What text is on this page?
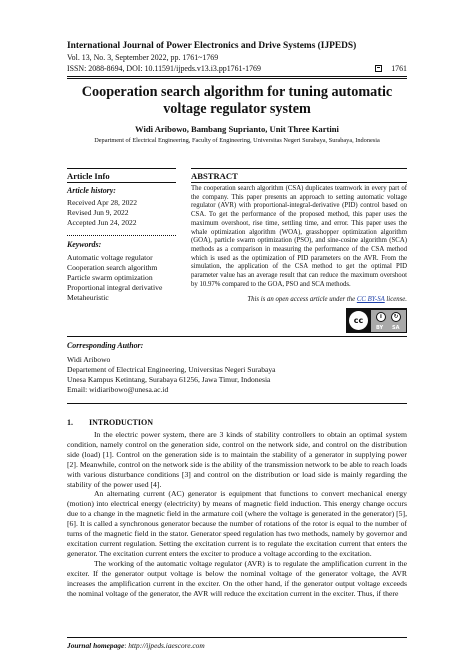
International Journal of Power Electronics and Drive Systems (IJPEDS)
Vol. 13, No. 3, September 2022, pp. 1761~1769
ISSN: 2088-8694, DOI: 10.11591/ijpeds.v13.i3.pp1761-1769	1761
Cooperation search algorithm for tuning automatic voltage regulator system
Widi Aribowo, Bambang Suprianto, Unit Three Kartini
Department of Electrical Engineering, Faculty of Engineering, Universitas Negeri Surabaya, Surabaya, Indonesia
Article Info
Article history:
Received Apr 28, 2022
Revised Jun 9, 2022
Accepted Jun 24, 2022
Keywords:
Automatic voltage regulator
Cooperation search algorithm
Particle swarm optimization
Proportional integral derivative
Metaheuristic
ABSTRACT
The cooperation search algorithm (CSA) duplicates teamwork in every part of the company. This paper presents an approach to setting automatic voltage regulator (AVR) with proportional-integral-derivative (PID) control based on CSA. To get the performance of the proposed method, this paper uses the maximum overshoot, rise time, settling time, and error. This paper uses the whale optimization algorithm (WOA), grasshopper optimization algorithm (GOA), particle swarm optimization (PSO), and sine-cosine algorithm (SCA) methods as a comparison in measuring the performance of the CSA method which is used as the optimization of PID parameters on the AVR. From the simulation, the application of the CSA method to get the optimal PID parameter value has an average result that can reduce the maximum overshoot by 10.97% compared to the GOA, PSO and SCA methods.
This is an open access article under the CC BY-SA license.
cc	i	↻
BY SA
Corresponding Author:
Widi Aribowo
Departement of Electrical Engineering, Universitas Negeri Surabaya
Unesa Kampus Ketintang, Surabaya 61256, Jawa Timur, Indonesia
Email: widiaribowo@unesa.ac.id
1.        INTRODUCTION

In the electric power system, there are 3 kinds of stability controllers to obtain an optimal system condition, namely control on the generation side, control on the network side, and control on the distribution side (load) [1]. Control on the generation side is to maintain the stability of a generator in supplying power [2]. Meanwhile, control on the network side is the ability of the transmission network to be able to reach loads with various disturbance conditions [3] and control on the distribution or load side is mainly regarding the stability of the power used [4].

An alternating current (AC) generator is equipment that functions to convert mechanical energy (motion) into electrical energy (electricity) by means of magnetic field induction. This energy change occurs due to a change in the magnetic field in the armature coil (where the voltage is generated in the generator) [5], [6]. It is called a synchronous generator because the number of rotations of the rotor is equal to the number of turns of the magnetic field in the stator. Generator speed regulation has two methods, namely by governor and excitation current regulation. Setting the excitation current is to regulate the excitation current that enters the generator. The excitation current enters the exciter to produce a voltage according to the excitation.

The working of the automatic voltage regulator (AVR) is to regulate the amplification current in the exciter. If the generator output voltage is below the nominal voltage of the generator voltage, the AVR increases the amplification current in the exciter. On the other hand, if the generator output voltage exceeds the nominal voltage of the generator, the AVR will reduce the excitation current in the exciter. Thus, if there

Journal homepage: http://ijpeds.iaescore.com
